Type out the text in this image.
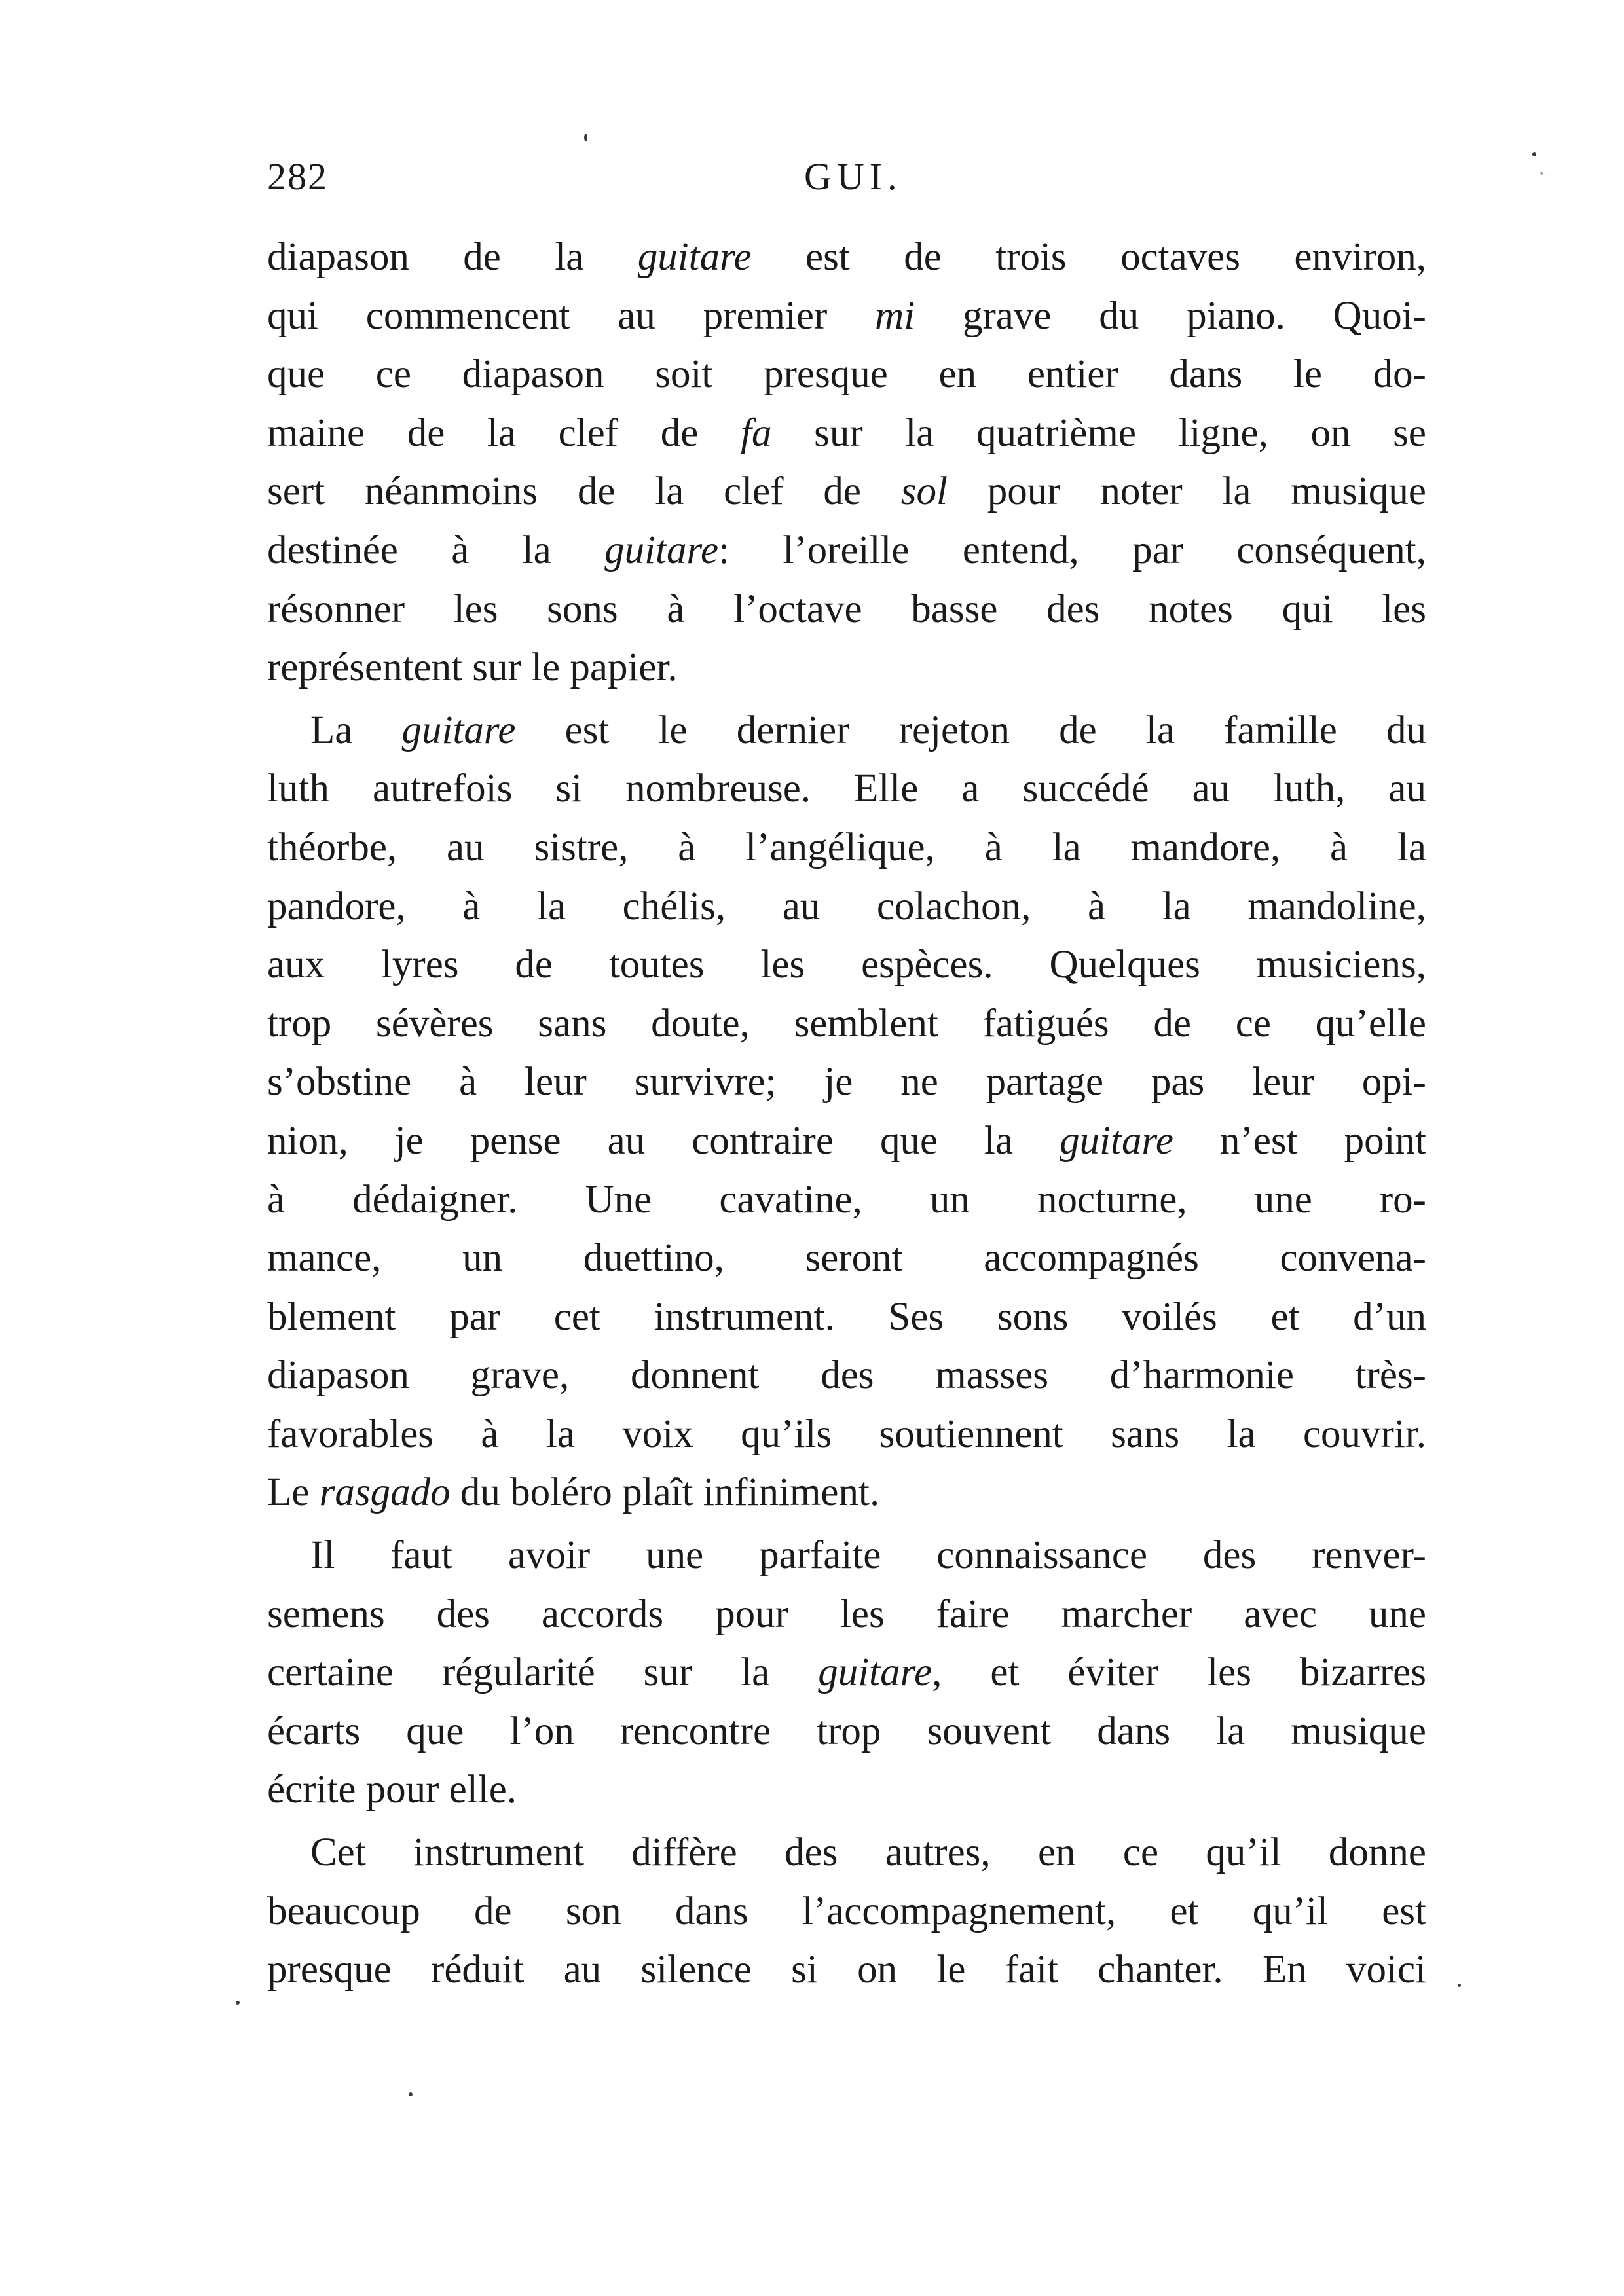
282	GUI.
diapason de la guitare est de trois octaves environ,
qui commencent au premier mi grave du piano. Quoi-
que ce diapason soit presque en entier dans le do-
maine de la clef de fa sur la quatrième ligne, on se
sert néanmoins de la clef de sol pour noter la musique
destinée à la guitare: l’oreille entend, par conséquent,
résonner les sons à l’octave basse des notes qui les
représentent sur le papier.
La guitare est le dernier rejeton de la famille du
luth autrefois si nombreuse. Elle a succédé au luth, au
théorbe, au sistre, à l’angélique, à la mandore, à la
pandore, à la chélis, au colachon, à la mandoline,
aux lyres de toutes les espèces. Quelques musiciens,
trop sévères sans doute, semblent fatigués de ce qu’elle
s’obstine à leur survivre; je ne partage pas leur opi-
nion, je pense au contraire que la guitare n’est point
à dédaigner. Une cavatine, un nocturne, une ro-
mance, un duettino, seront accompagnés convena-
blement par cet instrument. Ses sons voilés et d’un
diapason grave, donnent des masses d’harmonie très-
favorables à la voix qu’ils soutiennent sans la couvrir.
Le rasgado du boléro plaît infiniment.
Il faut avoir une parfaite connaissance des renver-
semens des accords pour les faire marcher avec une
certaine régularité sur la guitare, et éviter les bizarres
écarts que l’on rencontre trop souvent dans la musique
écrite pour elle.
Cet instrument diffère des autres, en ce qu’il donne
beaucoup de son dans l’accompagnement, et qu’il est
presque réduit au silence si on le fait chanter. En voici
